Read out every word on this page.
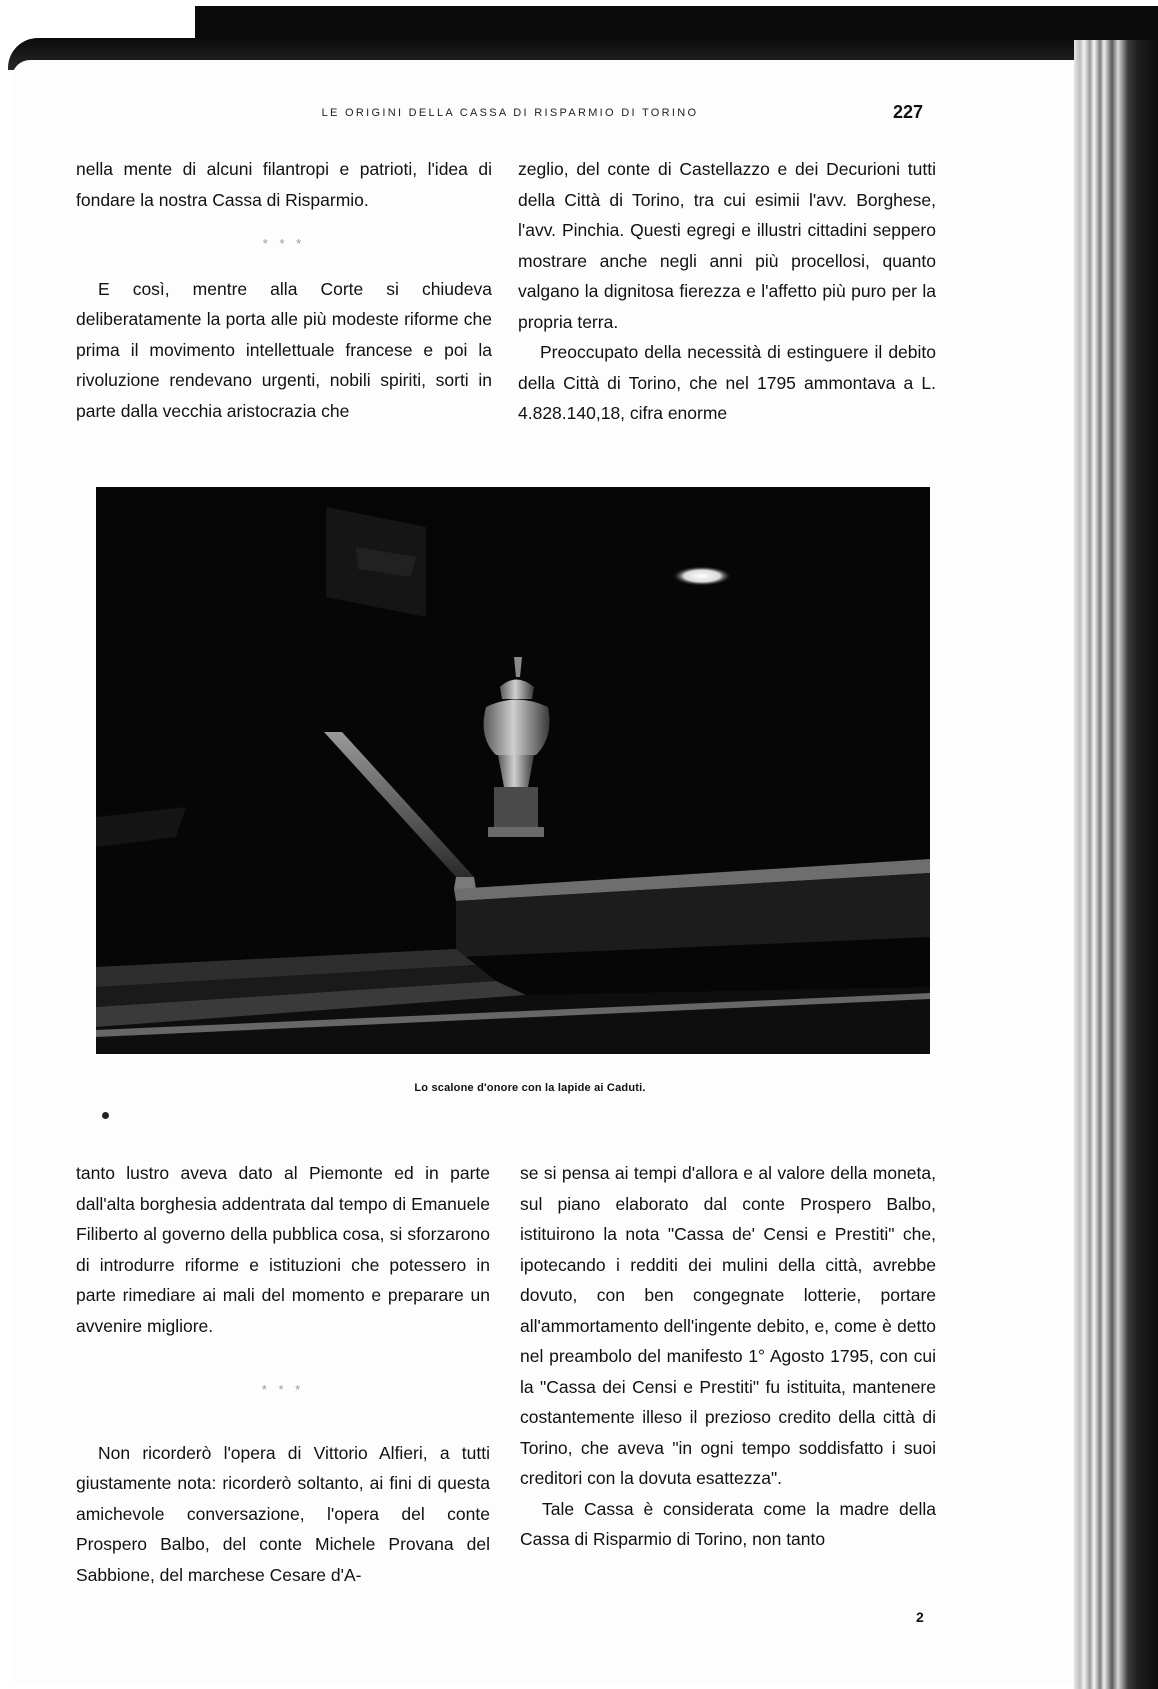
LE ORIGINI DELLA CASSA DI RISPARMIO DI TORINO	227

nella mente di alcuni filantropi e patrioti, l'idea di fondare la nostra Cassa di Risparmio.

* * *

E così, mentre alla Corte si chiudeva deliberatamente la porta alle più modeste riforme che prima il movimento intellettuale francese e poi la rivoluzione rendevano urgenti, nobili spiriti, sorti in parte dalla vecchia aristocrazia che

zeglio, del conte di Castellazzo e dei Decurioni tutti della Città di Torino, tra cui esimii l'avv. Borghese, l'avv. Pinchia. Questi egregi e illustri cittadini seppero mostrare anche negli anni più procellosi, quanto valgano la dignitosa fierezza e l'affetto più puro per la propria terra.

Preoccupato della necessità di estinguere il debito della Città di Torino, che nel 1795 ammontava a L. 4.828.140,18, cifra enorme

Lo scalone d'onore con la lapide ai Caduti.

tanto lustro aveva dato al Piemonte ed in parte dall'alta borghesia addentrata dal tempo di Emanuele Filiberto al governo della pubblica cosa, si sforzarono di introdurre riforme e istituzioni che potessero in parte rimediare ai mali del momento e preparare un avvenire migliore.

* * *

Non ricorderò l'opera di Vittorio Alfieri, a tutti giustamente nota: ricorderò soltanto, ai fini di questa amichevole conversazione, l'opera del conte Prospero Balbo, del conte Michele Provana del Sabbione, del marchese Cesare d'A-

se si pensa ai tempi d'allora e al valore della moneta, sul piano elaborato dal conte Prospero Balbo, istituirono la nota "Cassa de' Censi e Prestiti" che, ipotecando i redditi dei mulini della città, avrebbe dovuto, con ben congegnate lotterie, portare all'ammortamento dell'ingente debito, e, come è detto nel preambolo del manifesto 1° Agosto 1795, con cui la "Cassa dei Censi e Prestiti" fu istituita, mantenere costantemente illeso il prezioso credito della città di Torino, che aveva "in ogni tempo soddisfatto i suoi creditori con la dovuta esattezza".

Tale Cassa è considerata come la madre della Cassa di Risparmio di Torino, non tanto

2
